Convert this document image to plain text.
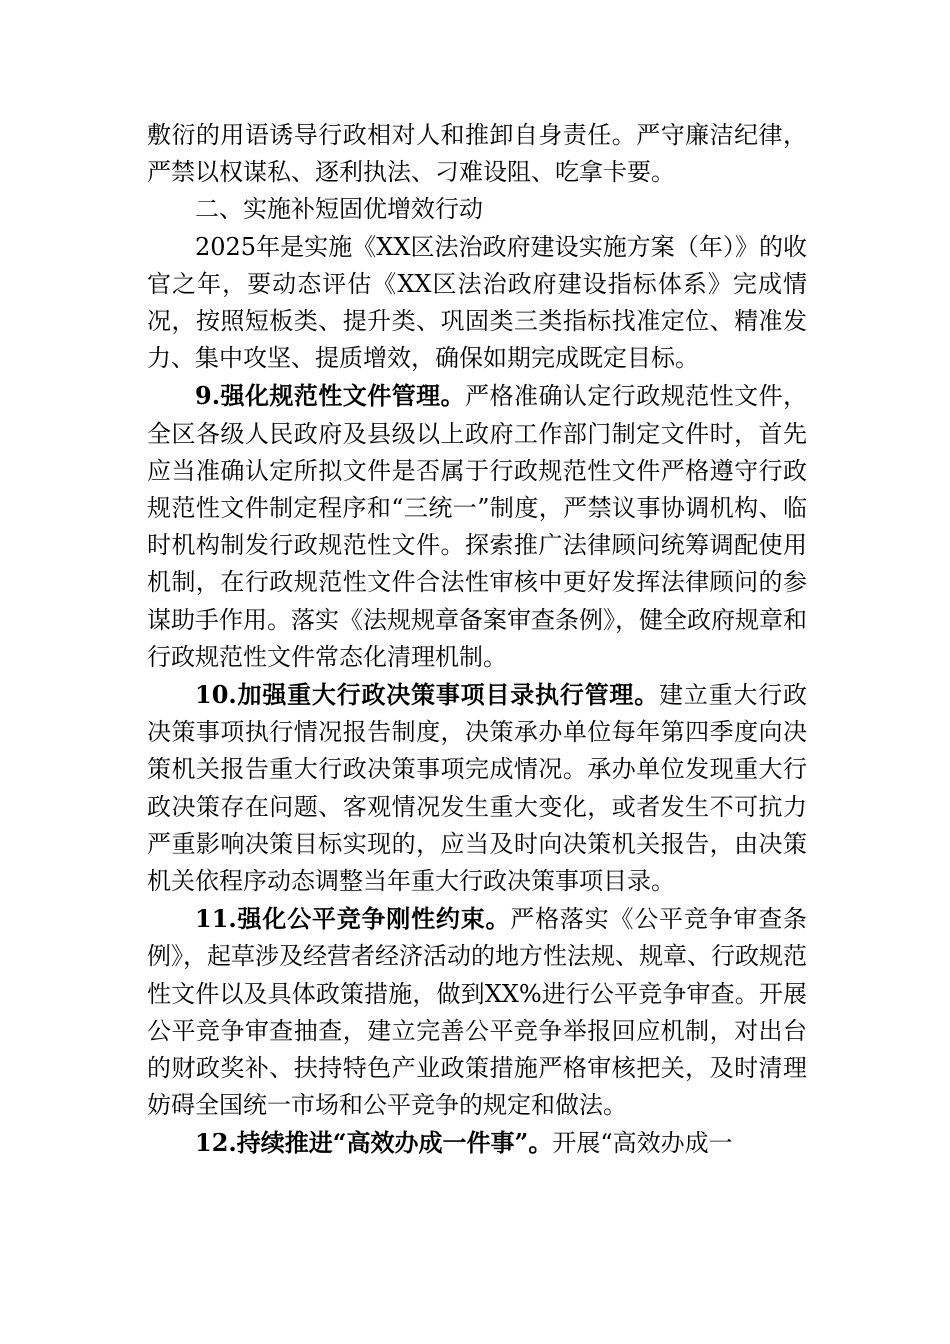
敷衍的用语诱导行政相对人和推卸自身责任。严守廉洁纪律，严禁以权谋私、逐利执法、刁难设阻、吃拿卡要。

二、实施补短固优增效行动

2025年是实施《XX区法治政府建设实施方案（年）》的收官之年，要动态评估《XX区法治政府建设指标体系》完成情况，按照短板类、提升类、巩固类三类指标找准定位、精准发力、集中攻坚、提质增效，确保如期完成既定目标。

9.强化规范性文件管理。严格准确认定行政规范性文件，全区各级人民政府及县级以上政府工作部门制定文件时，首先应当准确认定所拟文件是否属于行政规范性文件严格遵守行政规范性文件制定程序和“三统一”制度，严禁议事协调机构、临时机构制发行政规范性文件。探索推广法律顾问统筹调配使用机制，在行政规范性文件合法性审核中更好发挥法律顾问的参谋助手作用。落实《法规规章备案审查条例》，健全政府规章和行政规范性文件常态化清理机制。

10.加强重大行政决策事项目录执行管理。建立重大行政决策事项执行情况报告制度，决策承办单位每年第四季度向决策机关报告重大行政决策事项完成情况。承办单位发现重大行政决策存在问题、客观情况发生重大变化，或者发生不可抗力严重影响决策目标实现的，应当及时向决策机关报告，由决策机关依程序动态调整当年重大行政决策事项目录。

11.强化公平竞争刚性约束。严格落实《公平竞争审查条例》，起草涉及经营者经济活动的地方性法规、规章、行政规范性文件以及具体政策措施，做到XX%进行公平竞争审查。开展公平竞争审查抽查，建立完善公平竞争举报回应机制，对出台的财政奖补、扶持特色产业政策措施严格审核把关，及时清理妨碍全国统一市场和公平竞争的规定和做法。

12.持续推进“高效办成一件事”。开展“高效办成一
